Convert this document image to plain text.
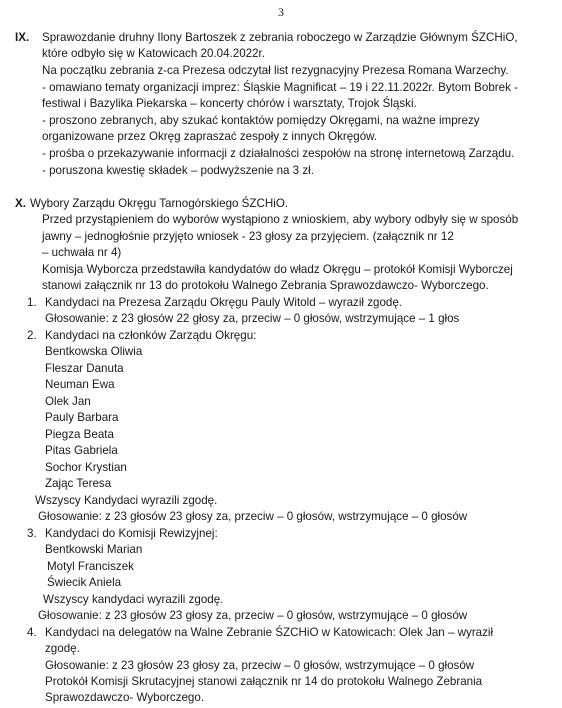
3
IX. Sprawozdanie druhny Ilony Bartoszek z zebrania roboczego w Zarządzie Głównym ŚZCHiO,
które odbyło się w Katowicach 20.04.2022r.
Na początku zebrania z-ca Prezesa odczytał list rezygnacyjny Prezesa Romana Warzechy.
- omawiano tematy organizacji imprez: Śląskie Magnificat – 19 i 22.11.2022r. Bytom Bobrek -
festiwal i Bazylika Piekarska – koncerty chórów i warsztaty, Trojok Śląski.
- proszono zebranych, aby szukać kontaktów pomiędzy Okręgami, na ważne imprezy
organizowane przez Okręg zapraszać zespoły z innych Okręgów.
- prośba o przekazywanie informacji z działalności zespołów na stronę internetową Zarządu.
- poruszona kwestię składek – podwyższenie na 3 zł.
X. Wybory Zarządu Okręgu Tarnogórskiego ŚZCHiO.
Przed przystąpieniem do wyborów wystąpiono z wnioskiem, aby wybory odbyły się w sposób
jawny – jednogłośnie przyjęto wniosek - 23 głosy za przyjęciem. (załącznik nr 12
– uchwała nr 4)
Komisja Wyborcza przedstawiła kandydatów do władz Okręgu – protokół Komisji Wyborczej
stanowi załącznik nr 13 do protokołu Walnego Zebrania Sprawozdawczo- Wyborczego.
1. Kandydaci na Prezesa Zarządu Okręgu Pauly Witold – wyraził zgodę.
Głosowanie: z 23 głosów 22 głosy za, przeciw – 0 głosów, wstrzymujące – 1 głos
2. Kandydaci na członków Zarządu Okręgu:
Bentkowska Oliwia
Fleszar Danuta
Neuman Ewa
Olek Jan
Pauly Barbara
Piegza Beata
Pitas Gabriela
Sochor Krystian
Zając Teresa
Wszyscy Kandydaci wyrazili zgodę.
Głosowanie: z 23 głosów 23 głosy za, przeciw – 0 głosów, wstrzymujące – 0 głosów
3. Kandydaci do Komisji Rewizyjnej:
Bentkowski Marian
Motyl Franciszek
Świecik Aniela
Wszyscy kandydaci wyrazili zgodę.
Głosowanie: z 23 głosów 23 głosy za, przeciw – 0 głosów, wstrzymujące – 0 głosów
4. Kandydaci na delegatów na Walne Zebranie ŚZCHiO w Katowicach: Olek Jan – wyraził
zgodę.
Głosowanie: z 23 głosów 23 głosy za, przeciw – 0 głosów, wstrzymujące – 0 głosów
Protokół Komisji Skrutacyjnej stanowi załącznik nr 14 do protokołu Walnego Zebrania
Sprawozdawczo- Wyborczego.
